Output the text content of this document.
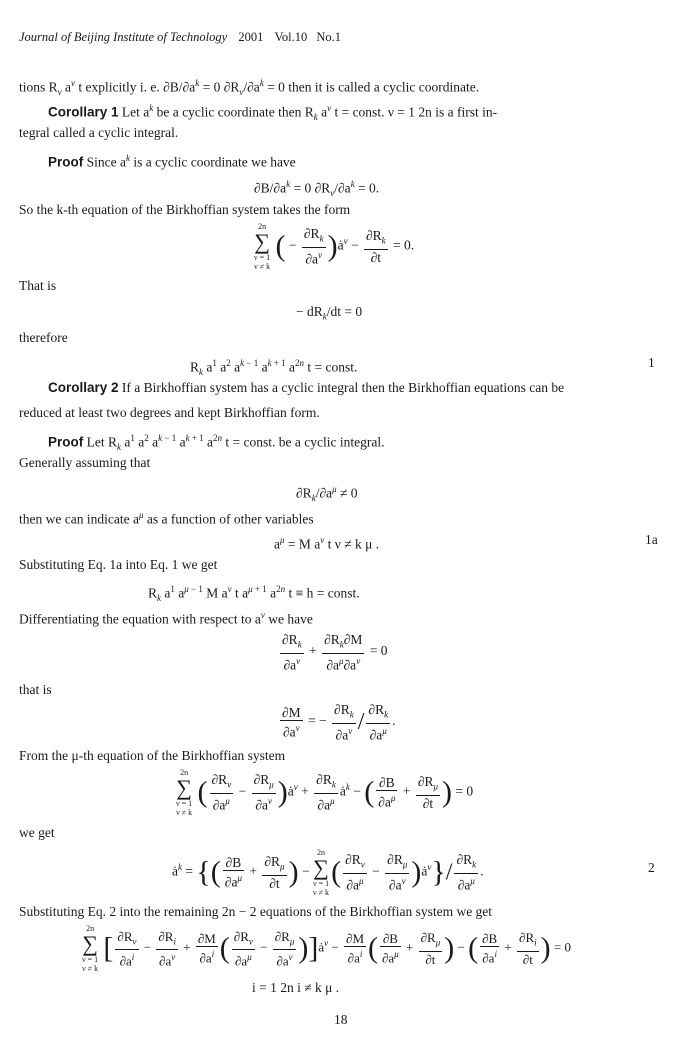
Journal of Beijing Institute of Technology 2001 Vol.10 No.1
tions $R_\nu$ $a^\nu$ t explicitly i. e. $\partial B/\partial a^k = 0$ $\partial R_\nu/\partial a^k = 0$ then it is called a cyclic coordinate.
Corollary 1 Let $a^k$ be a cyclic coordinate then $R_k$ $a^\nu$ t = const. ν = 1 2n is a first in-
tegral called a cyclic integral.
Proof Since $a^k$ is a cyclic coordinate we have
$\partial B/\partial a^k = 0$ $\partial R_\nu/\partial a^k = 0$.
So the k-th equation of the Birkhoffian system takes the form
2n
∑
ν = 1
ν ≠ k
( − $\frac{\partial R_k}{\partial a^\nu}$ )$ȧ^\nu - \frac{\partial R_k}{\partial t} = 0$.
That is
− $dR_k/dt = 0$
therefore
$R_k$ $a^1$ $a^2$ $a^{k - 1}$ $a^{k + 1}$ $a^{2n}$ t = const.	1
Corollary 2 If a Birkhoffian system has a cyclic integral then the Birkhoffian equations can be
reduced at least two degrees and kept Birkhoffian form.
Proof Let $R_k$ $a^1$ $a^2$ $a^{k - 1}$ $a^{k + 1}$ $a^{2n}$ t = const. be a cyclic integral.
Generally assuming that
$\partial R_k/\partial a^\mu \ne 0$
then we can indicate $a^\mu$ as a function of other variables
$a^\mu = M$ $a^\nu$ t ν ≠ k μ .	1a
Substituting Eq. 1a into Eq. 1 we get
$R_k$ $a^1$ $a^{\mu - 1}$ M $a^\nu$ t $a^{\mu + 1}$ $a^{2n}$ t ≡ h = const.
Differentiating the equation with respect to $a^\nu$ we have
$\frac{\partial R_k}{\partial a^\nu} + \frac{\partial R_k\partial M}{\partial a^\mu\partial a^\nu} = 0$
that is
$\frac{\partial M}{\partial a^\nu}$ = − $\frac{\partial R_k}{\partial a^\nu} / \frac{\partial R_k}{\partial a^\mu}$ .
From the μ-th equation of the Birkhoffian system
2n
∑
ν = 1
ν ≠ k
( $\frac{\partial R_\nu}{\partial a^\mu} - \frac{\partial R_\mu}{\partial a^\nu}$ )$ȧ^\nu + \frac{\partial R_k}{\partial a^\mu}$ $ȧ^k$ − ( $\frac{\partial B}{\partial a^\mu} + \frac{\partial R_\mu}{\partial t}$ ) = 0
we get
$ȧ^k$ = {( $\frac{\partial B}{\partial a^\mu} + \frac{\partial R_\mu}{\partial t}$ ) −
2n
∑
ν = 1
ν ≠ k
( $\frac{\partial R_\nu}{\partial a^\mu} - \frac{\partial R_\mu}{\partial a^\nu}$ )$ȧ^\nu\}/ \frac{\partial R_k}{\partial a^\mu}$ .	2
Substituting Eq. 2 into the remaining 2n − 2 equations of the Birkhoffian system we get
2n
∑
ν = 1
ν ≠ k
[ $\frac{\partial R_\nu}{\partial a^i} - \frac{\partial R_i}{\partial a^\nu} + \frac{\partial M}{\partial a^i}$ ( $\frac{\partial R_\nu}{\partial a^\mu} - \frac{\partial R_\mu}{\partial a^\nu}$ )]$ȧ^\nu - \frac{\partial M}{\partial a^i}$ ( $\frac{\partial B}{\partial a^\mu} + \frac{\partial R_\mu}{\partial t}$ ) − ( $\frac{\partial B}{\partial a^i} + \frac{\partial R_i}{\partial t}$ ) = 0
i = 1 2n i ≠ k μ .
18
